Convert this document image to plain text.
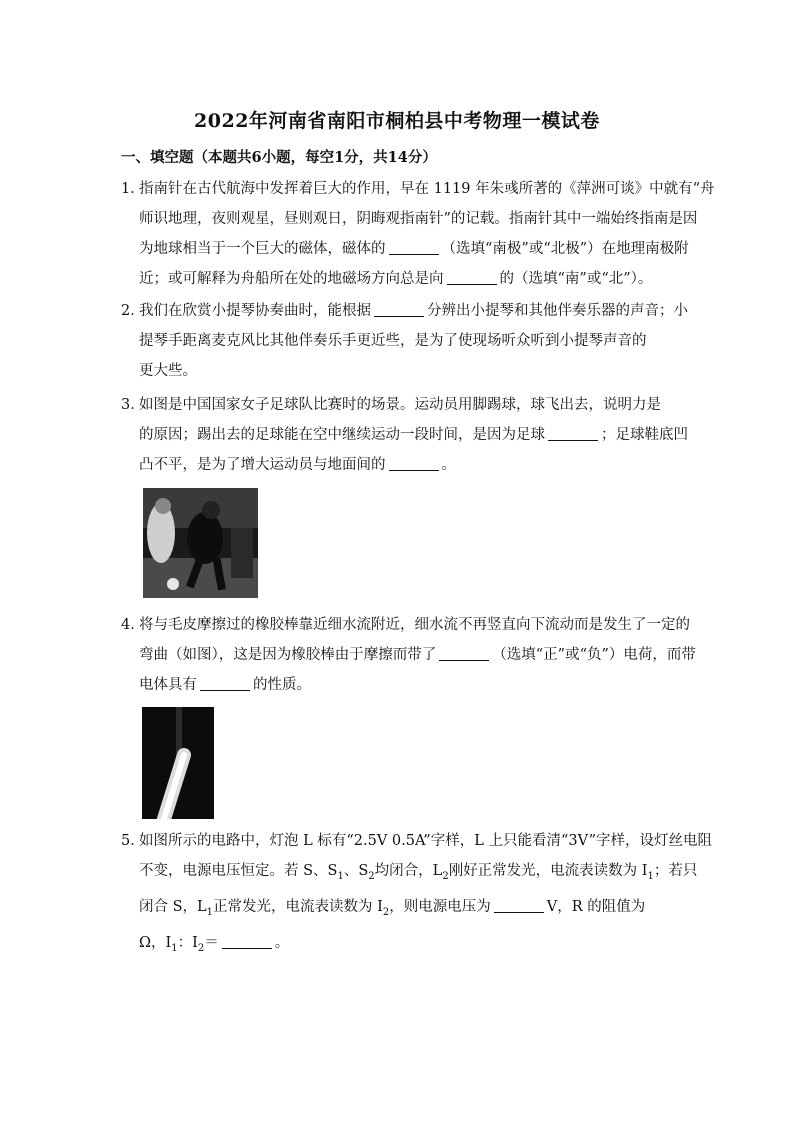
2022年河南省南阳市桐柏县中考物理一模试卷
一、填空题（本题共6小题，每空1分，共14分）
1．
指南针在古代航海中发挥着巨大的作用，早在 1119 年朱彧所著的《萍洲可谈》中就有“舟
师识地理，夜则观星，昼则观日，阴晦观指南针”的记载。指南针其中一端始终指南是因
为地球相当于一个巨大的磁体，磁体的	（选填“南极”或“北极”）在地理南极附
近；或可解释为舟船所在处的地磁场方向总是向	的（选填“南”或“北”）。
2．
我们在欣赏小提琴协奏曲时，能根据	分辨出小提琴和其他伴奏乐器的声音；小
提琴手距离麦克风比其他伴奏乐手更近些，是为了使现场听众听到小提琴声音的
更大些。
3．
如图是中国国家女子足球队比赛时的场景。运动员用脚踢球，球飞出去，说明力是
的原因；踢出去的足球能在空中继续运动一段时间，是因为足球	；足球鞋底凹
凸不平，是为了增大运动员与地面间的	。
4．
将与毛皮摩擦过的橡胶棒靠近细水流附近，细水流不再竖直向下流动而是发生了一定的
弯曲（如图），这是因为橡胶棒由于摩擦而带了	（选填“正”或“负”）电荷，而带
电体具有	的性质。
5．
如图所示的电路中，灯泡 L 标有“2.5V 0.5A”字样，L 上只能看清“3V”字样，设灯丝电阻
不变，电源电压恒定。若 S、$S_1$、$S_2$均闭合，$L_2$刚好正常发光，电流表读数为 $I_1$；若只
闭合 S，$L_1$正常发光，电流表读数为 $I_2$，则电源电压为	V，R 的阻值为
Ω，$I_1$：$I_2=$	。
